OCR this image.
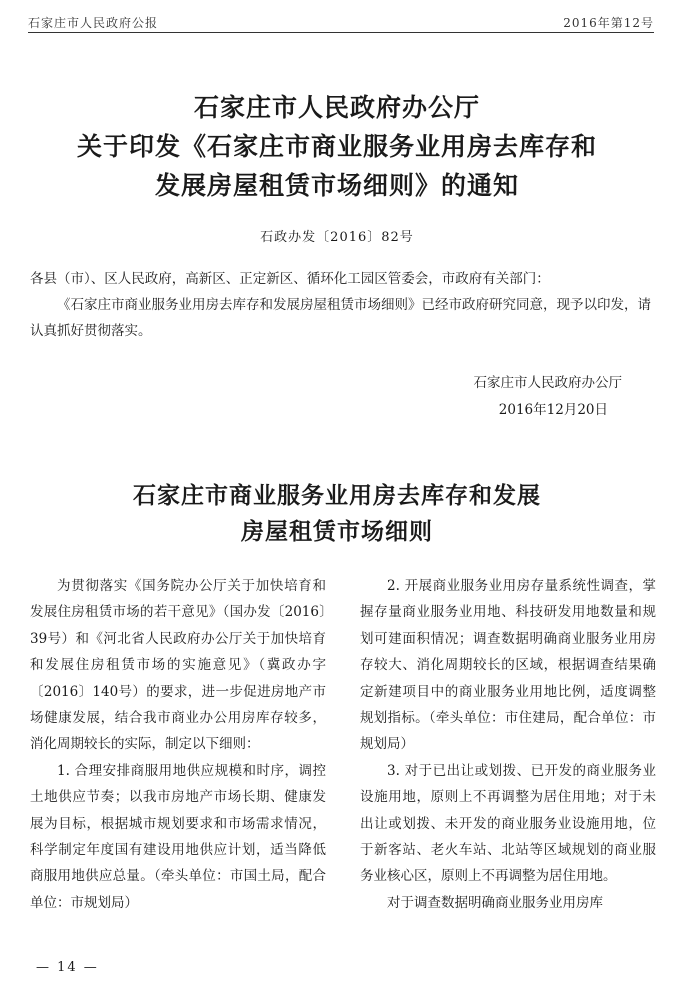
石家庄市人民政府公报	2016年第12号
石家庄市人民政府办公厅
关于印发《石家庄市商业服务业用房去库存和
发展房屋租赁市场细则》的通知
石政办发〔2016〕82号

各县（市）、区人民政府，高新区、正定新区、循环化工园区管委会，市政府有关部门：

《石家庄市商业服务业用房去库存和发展房屋租赁市场细则》已经市政府研究同意，现予以印发，请认真抓好贯彻落实。

石家庄市人民政府办公厅
2016年12月20日
石家庄市商业服务业用房去库存和发展
房屋租赁市场细则

为贯彻落实《国务院办公厅关于加快培育和发展住房租赁市场的若干意见》（国办发〔2016〕39号）和《河北省人民政府办公厅关于加快培育和发展住房租赁市场的实施意见》（冀政办字〔2016〕140号）的要求，进一步促进房地产市场健康发展，结合我市商业办公用房库存较多，消化周期较长的实际，制定以下细则：

1. 合理安排商服用地供应规模和时序，调控土地供应节奏；以我市房地产市场长期、健康发展为目标，根据城市规划要求和市场需求情况，科学制定年度国有建设用地供应计划，适当降低商服用地供应总量。（牵头单位：市国土局，配合单位：市规划局）

2. 开展商业服务业用房存量系统性调查，掌握存量商业服务业用地、科技研发用地数量和规划可建面积情况；调查数据明确商业服务业用房存较大、消化周期较长的区域，根据调查结果确定新建项目中的商业服务业用地比例，适度调整规划指标。（牵头单位：市住建局，配合单位：市规划局）

3. 对于已出让或划拨、已开发的商业服务业设施用地，原则上不再调整为居住用地；对于未出让或划拨、未开发的商业服务业设施用地，位于新客站、老火车站、北站等区域规划的商业服务业核心区，原则上不再调整为居住用地。

对于调查数据明确商业服务业用房库

— 14 —
